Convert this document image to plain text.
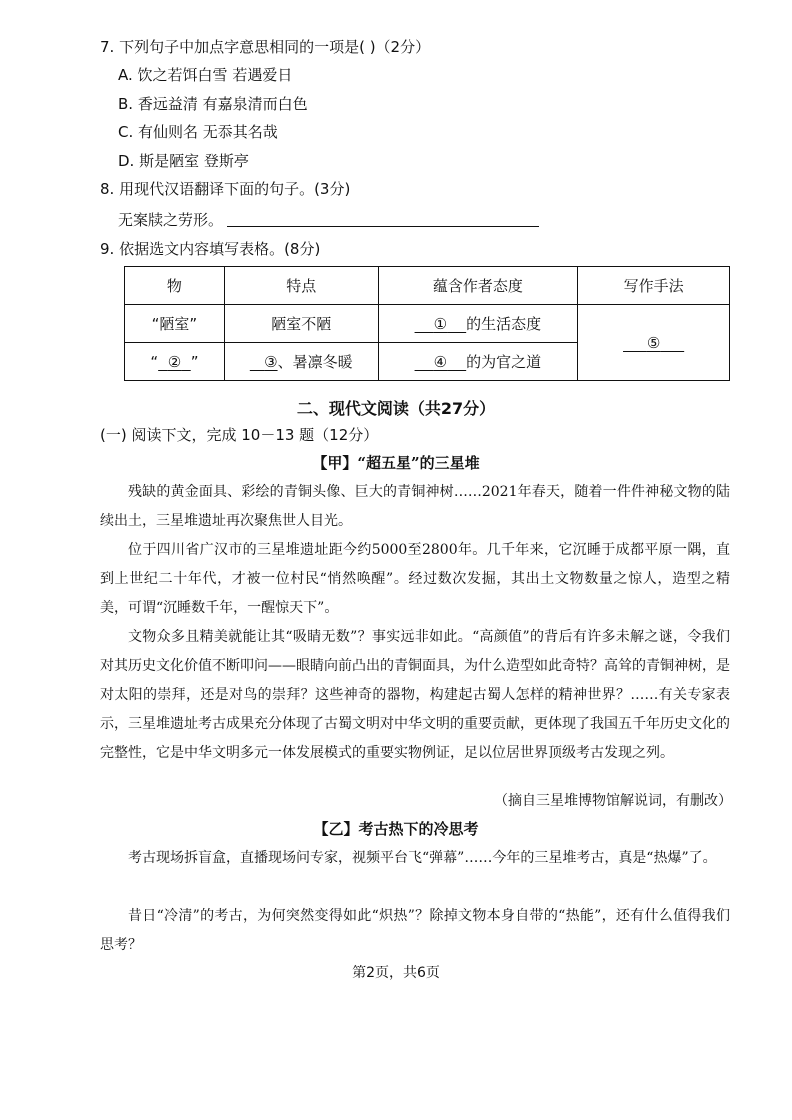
7. 下列句子中加点字意思相同的一项是( )（2分）
A. 饮之若饵白雪 若遇爱日
B. 香远益清 有嘉泉清而白色
C. 有仙则名 无忝其名哉
D. 斯是陋室 登斯亭
8. 用现代汉语翻译下面的句子。(3分)
无案牍之劳形。
9. 依据选文内容填写表格。(8分)
物	特点	蕴含作者态度	写作手法
“陋室”	陋室不陋	① 的生活态度	⑤
“ ② ”	③、暑凛冬暖	④ 的为官之道	
二、现代文阅读（共27分）
(一) 阅读下文，完成 10－13 题（12分）
【甲】“超五星”的三星堆
残缺的黄金面具、彩绘的青铜头像、巨大的青铜神树……2021年春天，随着一件件神秘文物的陆续出土，三星堆遗址再次聚焦世人目光。
位于四川省广汉市的三星堆遗址距今约5000至2800年。几千年来，它沉睡于成都平原一隅，直到上世纪二十年代，才被一位村民“悄然唤醒”。经过数次发掘，其出土文物数量之惊人，造型之精美，可谓“沉睡数千年，一醒惊天下”。
文物众多且精美就能让其“吸睛无数”？事实远非如此。“高颜值”的背后有许多未解之谜，令我们对其历史文化价值不断叩问——眼睛向前凸出的青铜面具，为什么造型如此奇特？高耸的青铜神树，是对太阳的崇拜，还是对鸟的崇拜？这些神奇的器物，构建起古蜀人怎样的精神世界？……有关专家表示，三星堆遗址考古成果充分体现了古蜀文明对中华文明的重要贡献，更体现了我国五千年历史文化的完整性，它是中华文明多元一体发展模式的重要实物例证，足以位居世界顶级考古发现之列。
（摘自三星堆博物馆解说词，有删改）
【乙】考古热下的冷思考
考古现场拆盲盒，直播现场问专家，视频平台飞“弹幕”……今年的三星堆考古，真是“热爆”了。
昔日“冷清”的考古，为何突然变得如此“炽热”？除掉文物本身自带的“热能”，还有什么值得我们思考？
第2页，共6页
